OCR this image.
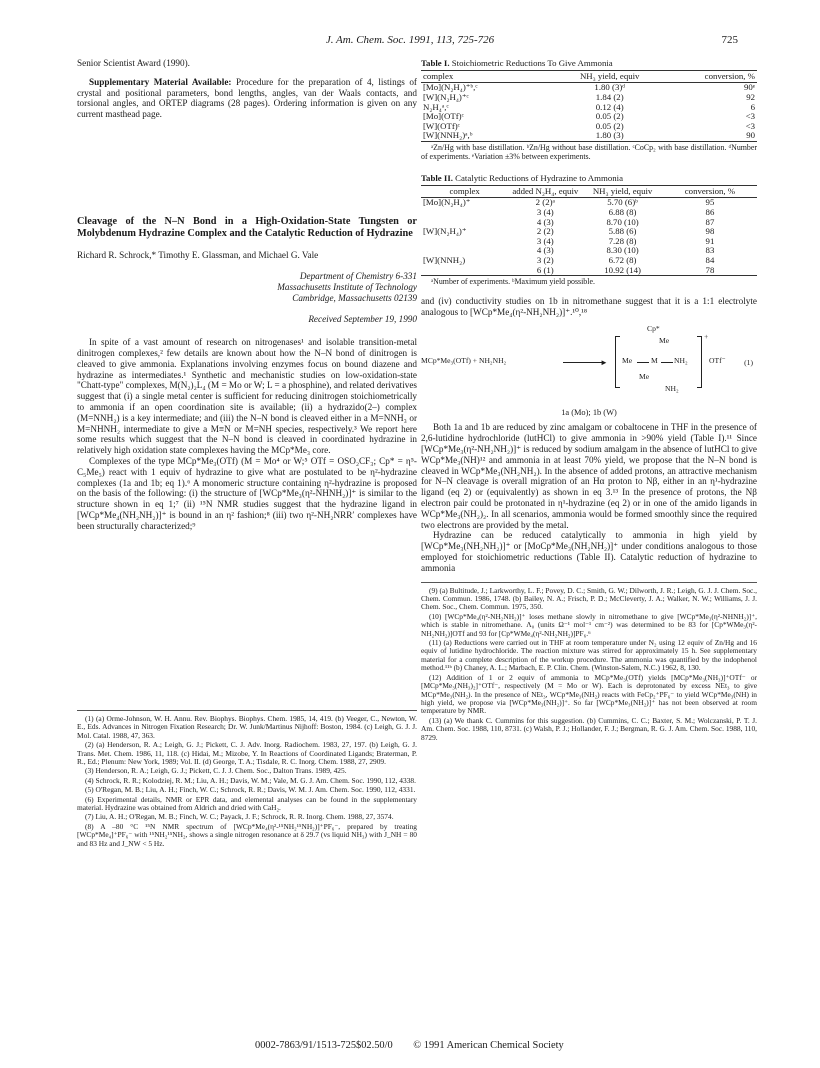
J. Am. Chem. Soc. 1991, 113, 725-726	725

Senior Scientist Award (1990).

Supplementary Material Available: Procedure for the preparation of 4, listings of crystal and positional parameters, bond lengths, angles, van der Waals contacts, and torsional angles, and ORTEP diagrams (28 pages). Ordering information is given on any current masthead page.

Cleavage of the N–N Bond in a High-Oxidation-State Tungsten or Molybdenum Hydrazine Complex and the Catalytic Reduction of Hydrazine

Richard R. Schrock,* Timothy E. Glassman, and Michael G. Vale

Department of Chemistry 6-331
Massachusetts Institute of Technology
Cambridge, Massachusetts 02139
Received September 19, 1990

In spite of a vast amount of research on nitrogenases¹ and isolable transition-metal dinitrogen complexes,² few details are known about how the N–N bond of dinitrogen is cleaved to give ammonia. Explanations involving enzymes focus on bound diazene and hydrazine as intermediates.¹ Synthetic and mechanistic studies on low-oxidation-state "Chatt-type" complexes, M(N₂)₂L₄ (M = Mo or W; L = a phosphine), and related derivatives suggest that (i) a single metal center is sufficient for reducing dinitrogen stoichiometrically to ammonia if an open coordination site is available; (ii) a hydrazido(2–) complex (M=NNH₂) is a key intermediate; and (iii) the N–N bond is cleaved either in a M=NNH₃ or M=NHNH₂ intermediate to give a M≡N or M=NH species, respectively.³ We report here some results which suggest that the N–N bond is cleaved in coordinated hydrazine in relatively high oxidation state complexes having the MCp*Me₃ core.

Complexes of the type MCp*Me₃(OTf) (M = Mo⁴ or W;⁵ OTf = OSO₂CF₃; Cp* = η⁵-C₅Me₅) react with 1 equiv of hydrazine to give what are postulated to be η²-hydrazine complexes (1a and 1b; eq 1).⁶ A monomeric structure containing η²-hydrazine is proposed on the basis of the following: (i) the structure of [WCp*Me₃(η²-NHNH₂)]⁺ is similar to the structure shown in eq 1;⁷ (ii) ¹⁵N NMR studies suggest that the hydrazine ligand in [WCp*Me₄(NH₂NH₂)]⁺ is bound in an η² fashion;⁸ (iii) two η²-NH₂NRR′ complexes have been structurally characterized;⁹

(1) (a) Orme-Johnson, W. H. Annu. Rev. Biophys. Biophys. Chem. 1985, 14, 419. (b) Veeger, C., Newton, W. E., Eds. Advances in Nitrogen Fixation Research; Dr. W. Junk/Martinus Nijhoff: Boston, 1984. (c) Leigh, G. J. J. Mol. Catal. 1988, 47, 363.

(2) (a) Henderson, R. A.; Leigh, G. J.; Pickett, C. J. Adv. Inorg. Radiochem. 1983, 27, 197. (b) Leigh, G. J. Trans. Met. Chem. 1986, 11, 118. (c) Hidai, M.; Mizobe, Y. In Reactions of Coordinated Ligands; Braterman, P. R., Ed.; Plenum: New York, 1989; Vol. II. (d) George, T. A.; Tisdale, R. C. Inorg. Chem. 1988, 27, 2909.

(3) Henderson, R. A.; Leigh, G. J.; Pickett, C. J. J. Chem. Soc., Dalton Trans. 1989, 425.

(4) Schrock, R. R.; Kolodziej, R. M.; Liu, A. H.; Davis, W. M.; Vale, M. G. J. Am. Chem. Soc. 1990, 112, 4338.

(5) O'Regan, M. B.; Liu, A. H.; Finch, W. C.; Schrock, R. R.; Davis, W. M. J. Am. Chem. Soc. 1990, 112, 4331.

(6) Experimental details, NMR or EPR data, and elemental analyses can be found in the supplementary material. Hydrazine was obtained from Aldrich and dried with CaH₂.

(7) Liu, A. H.; O'Regan, M. B.; Finch, W. C.; Payack, J. F.; Schrock, R. R. Inorg. Chem. 1988, 27, 3574.

(8) A –80 °C ¹⁵N NMR spectrum of [WCp*Me₄(η²-¹⁵NH₂¹⁵NH₂)]⁺PF₆⁻, prepared by treating [WCp*Me₄]⁺PF₆⁻ with ¹⁵NH₂¹⁵NH₂, shows a single nitrogen resonance at δ 29.7 (vs liquid NH₃) with J_NH = 80 and 83 Hz and J_NW < 5 Hz.

Table I. Stoichiometric Reductions To Give Ammonia
complex	NH₃ yield, equiv	conversion, %
[Mo](N₂H₄)⁺ᵇ,ᶜ	1.80 (3)ᵈ	90ᵉ
[W](N₂H₄)⁺ᶜ	1.84 (2)	92
N₂H₄ᵃ,ᶜ	0.12 (4)	6
[Mo](OTf)ᶜ	0.05 (2)	<3
[W](OTf)ᶜ	0.05 (2)	<3
[W](NNH₂)ᵃ,ᵇ	1.80 (3)	90

ᵃZn/Hg with base distillation. ᵇZn/Hg without base distillation. ᶜCoCp₂ with base distillation. ᵈNumber of experiments. ᵉVariation ±3% between experiments.

Table II. Catalytic Reductions of Hydrazine to Ammonia
complex	added N₂H₄, equiv	NH₃ yield, equiv	conversion, %
[Mo](N₂H₄)⁺	2 (2)ᵃ	5.70 (6)ᵇ	95
	3 (4)	6.88 (8)	86
	4 (3)	8.70 (10)	87
[W](N₂H₄)⁺	2 (2)	5.88 (6)	98
	3 (4)	7.28 (8)	91
	4 (3)	8.30 (10)	83
[W](NNH₂)	3 (2)	6.72 (8)	84
	6 (1)	10.92 (14)	78

ᵃNumber of experiments. ᵇMaximum yield possible.

and (iv) conductivity studies on 1b in nitromethane suggest that it is a 1:1 electrolyte analogous to [WCp*Me₄(η²-NH₂NH₂)]⁺.¹⁰,¹⁸

MCp*Me₃(OTf) + NH₂NH₂	►
Cp*
Me
Me M NH₂
Me
NH₂
+
OTf⁻ (1)
1a (Mo); 1b (W)

Both 1a and 1b are reduced by zinc amalgam or cobaltocene in THF in the presence of 2,6-lutidine hydrochloride (lutHCl) to give ammonia in >90% yield (Table I).¹¹ Since [WCp*Me₃(η²-NH₂NH₂)]⁺ is reduced by sodium amalgam in the absence of lutHCl to give WCp*Me₃(NH)¹² and ammonia in at least 70% yield, we propose that the N–N bond is cleaved in WCp*Me₃(NH₂NH₂). In the absence of added protons, an attractive mechanism for N–N cleavage is overall migration of an Hα proton to Nβ, either in an η¹-hydrazine ligand (eq 2) or (equivalently) as shown in eq 3.¹³ In the presence of protons, the Nβ electron pair could be protonated in η¹-hydrazine (eq 2) or in one of the amido ligands in WCp*Me₃(NH₂)₂. In all scenarios, ammonia would be formed smoothly since the required two electrons are provided by the metal.

Hydrazine can be reduced catalytically to ammonia in high yield by [WCp*Me₃(NH₂NH₂)]⁺ or [MoCp*Me₃(NH₂NH₂)]⁺ under conditions analogous to those employed for stoichiometric reductions (Table II). Catalytic reduction of hydrazine to ammonia

(9) (a) Bultitude, J.; Larkworthy, L. F.; Povey, D. C.; Smith, G. W.; Dilworth, J. R.; Leigh, G. J. J. Chem. Soc., Chem. Commun. 1986, 1748. (b) Bailey, N. A.; Frisch, P. D.; McCleverty, J. A.; Walker, N. W.; Williams, J. J. Chem. Soc., Chem. Commun. 1975, 350.

(10) [WCp*Me₄(η²-NH₂NH₂)]⁺ loses methane slowly in nitromethane to give [WCp*Me₃(η²-NHNH₂)]⁺, which is stable in nitromethane. Λ₀ (units Ω⁻¹ mol⁻¹ cm⁻²) was determined to be 83 for [Cp*WMe₃(η²-NH₂NH₂)]OTf and 93 for [Cp*WMe₄(η²-NH₂NH₂)]PF₆.⁶

(11) (a) Reductions were carried out in THF at room temperature under N₂ using 12 equiv of Zn/Hg and 16 equiv of lutidine hydrochloride. The reaction mixture was stirred for approximately 15 h. See supplementary material for a complete description of the workup procedure. The ammonia was quantified by the indophenol method.¹¹ᵇ (b) Chaney, A. L.; Marbach, E. P. Clin. Chem. (Winston-Salem, N.C.) 1962, 8, 130.

(12) Addition of 1 or 2 equiv of ammonia to MCp*Me₃(OTf) yields [MCp*Me₃(NH₃)]⁺OTf⁻ or [MCp*Me₃(NH₃)₂]⁺OTf⁻, respectively (M = Mo or W). Each is deprotonated by excess NEt₃ to give MCp*Me₃(NH₂). In the presence of NEt₃, WCp*Me₃(NH₂) reacts with FeCp₂⁺PF₆⁻ to yield WCp*Me₃(NH) in high yield, we propose via [WCp*Me₃(NH₂)]⁺. So far [WCp*Me₃(NH₂)]⁺ has not been observed at room temperature by NMR.

(13) (a) We thank C. Cummins for this suggestion. (b) Cummins, C. C.; Baxter, S. M.; Wolczanski, P. T. J. Am. Chem. Soc. 1988, 110, 8731. (c) Walsh, P. J.; Hollander, F. J.; Bergman, R. G. J. Am. Chem. Soc. 1988, 110, 8729.

0002-7863/91/1513-725$02.50/0 © 1991 American Chemical Society
